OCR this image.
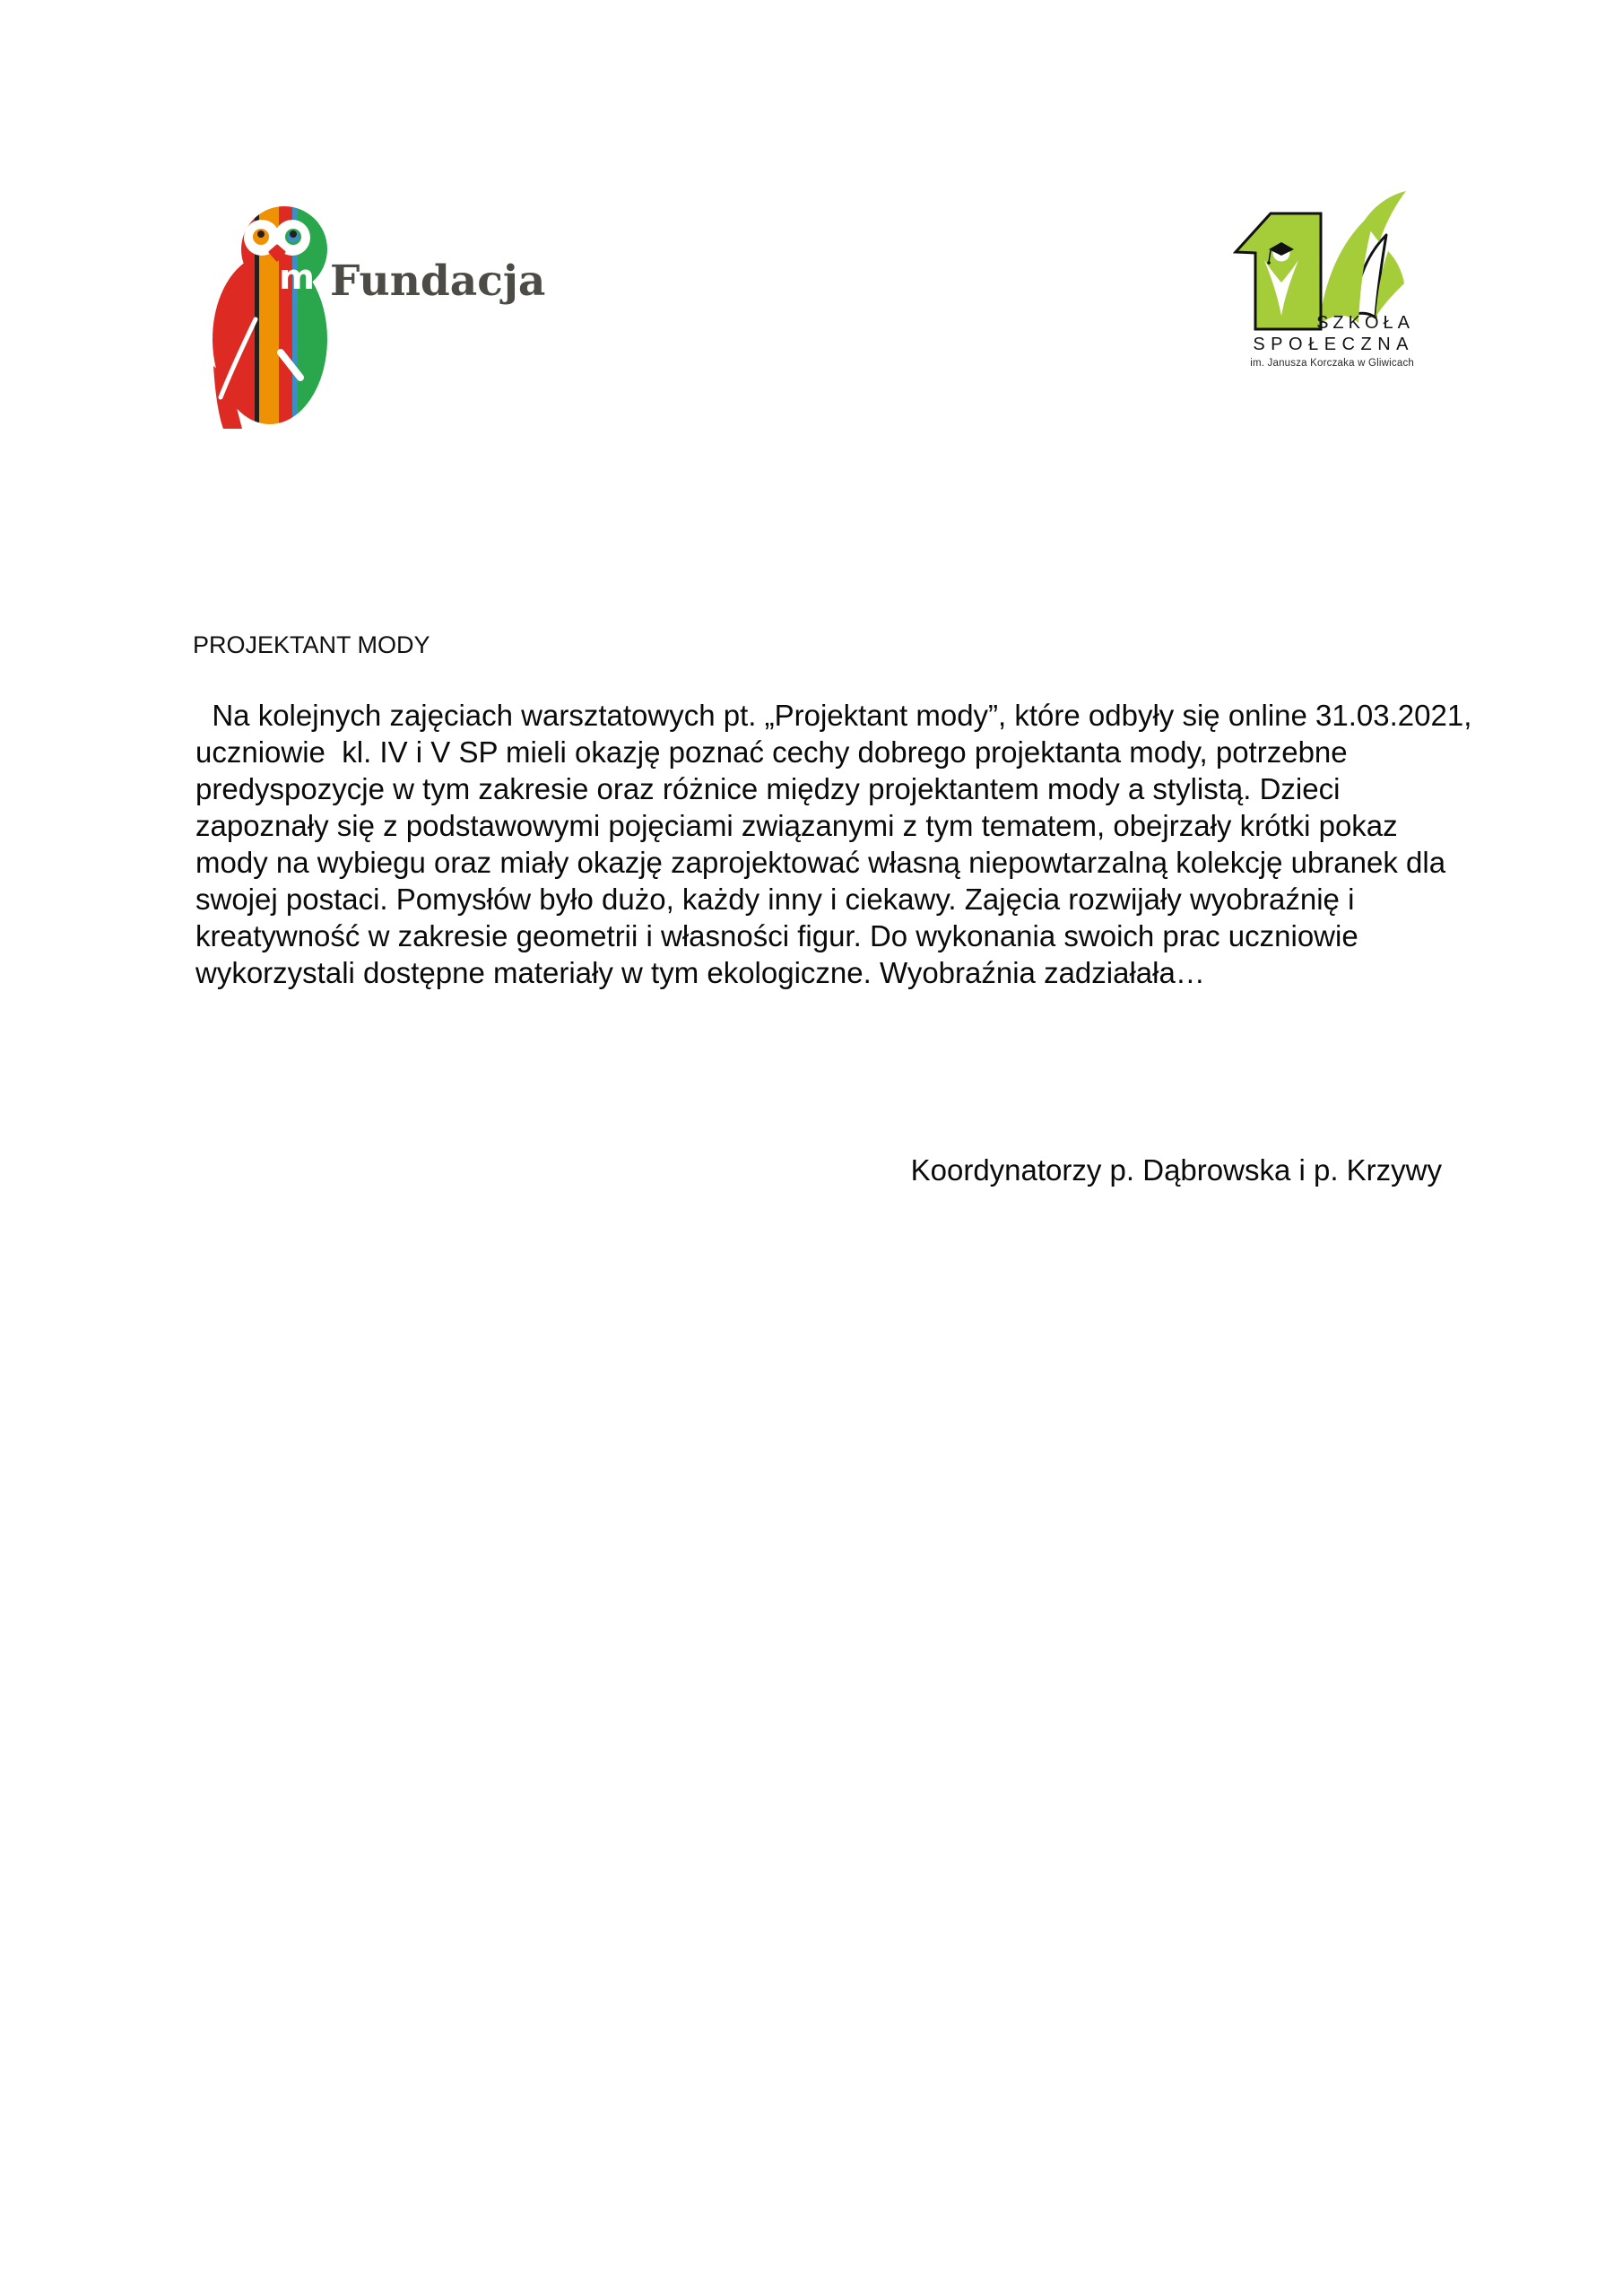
m Fundacja
SZKOŁA
SPOŁECZNA
im. Janusza Korczaka w Gliwicach
PROJEKTANT MODY

Na kolejnych zajęciach warsztatowych pt. „Projektant mody”, które odbyły się online 31.03.2021, uczniowie  kl. IV i V SP mieli okazję poznać cechy dobrego projektanta mody, potrzebne predyspozycje w tym zakresie oraz różnice między projektantem mody a stylistą. Dzieci zapoznały się z podstawowymi pojęciami związanymi z tym tematem, obejrzały krótki pokaz mody na wybiegu oraz miały okazję zaprojektować własną niepowtarzalną kolekcję ubranek dla swojej postaci. Pomysłów było dużo, każdy inny i ciekawy. Zajęcia rozwijały wyobraźnię i kreatywność w zakresie geometrii i własności figur. Do wykonania swoich prac uczniowie wykorzystali dostępne materiały w tym ekologiczne. Wyobraźnia zadziałała…

Koordynatorzy p. Dąbrowska i p. Krzywy
